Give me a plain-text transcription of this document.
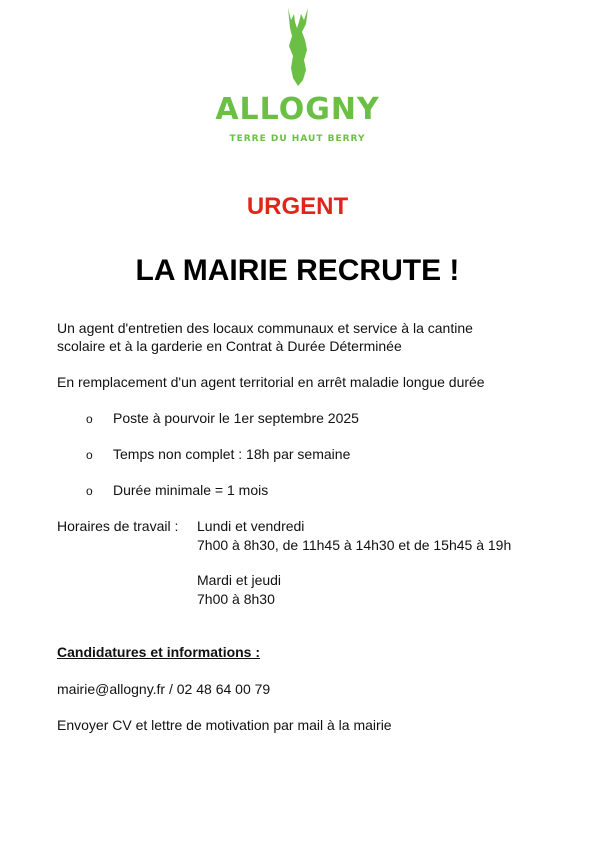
ALLOGNY
TERRE DU HAUT BERRY
URGENT
LA MAIRIE RECRUTE !
Un agent d'entretien des locaux communaux et service à la cantine
scolaire et à la garderie en Contrat à Durée Déterminée
En remplacement d'un agent territorial en arrêt maladie longue durée
o Poste à pourvoir le 1er septembre 2025
o Temps non complet : 18h par semaine
o Durée minimale = 1 mois
Horaires de travail : Lundi et vendredi
7h00 à 8h30, de 11h45 à 14h30 et de 15h45 à 19h
Mardi et jeudi
7h00 à 8h30
Candidatures et informations :
mairie@allogny.fr / 02 48 64 00 79
Envoyer CV et lettre de motivation par mail à la mairie
